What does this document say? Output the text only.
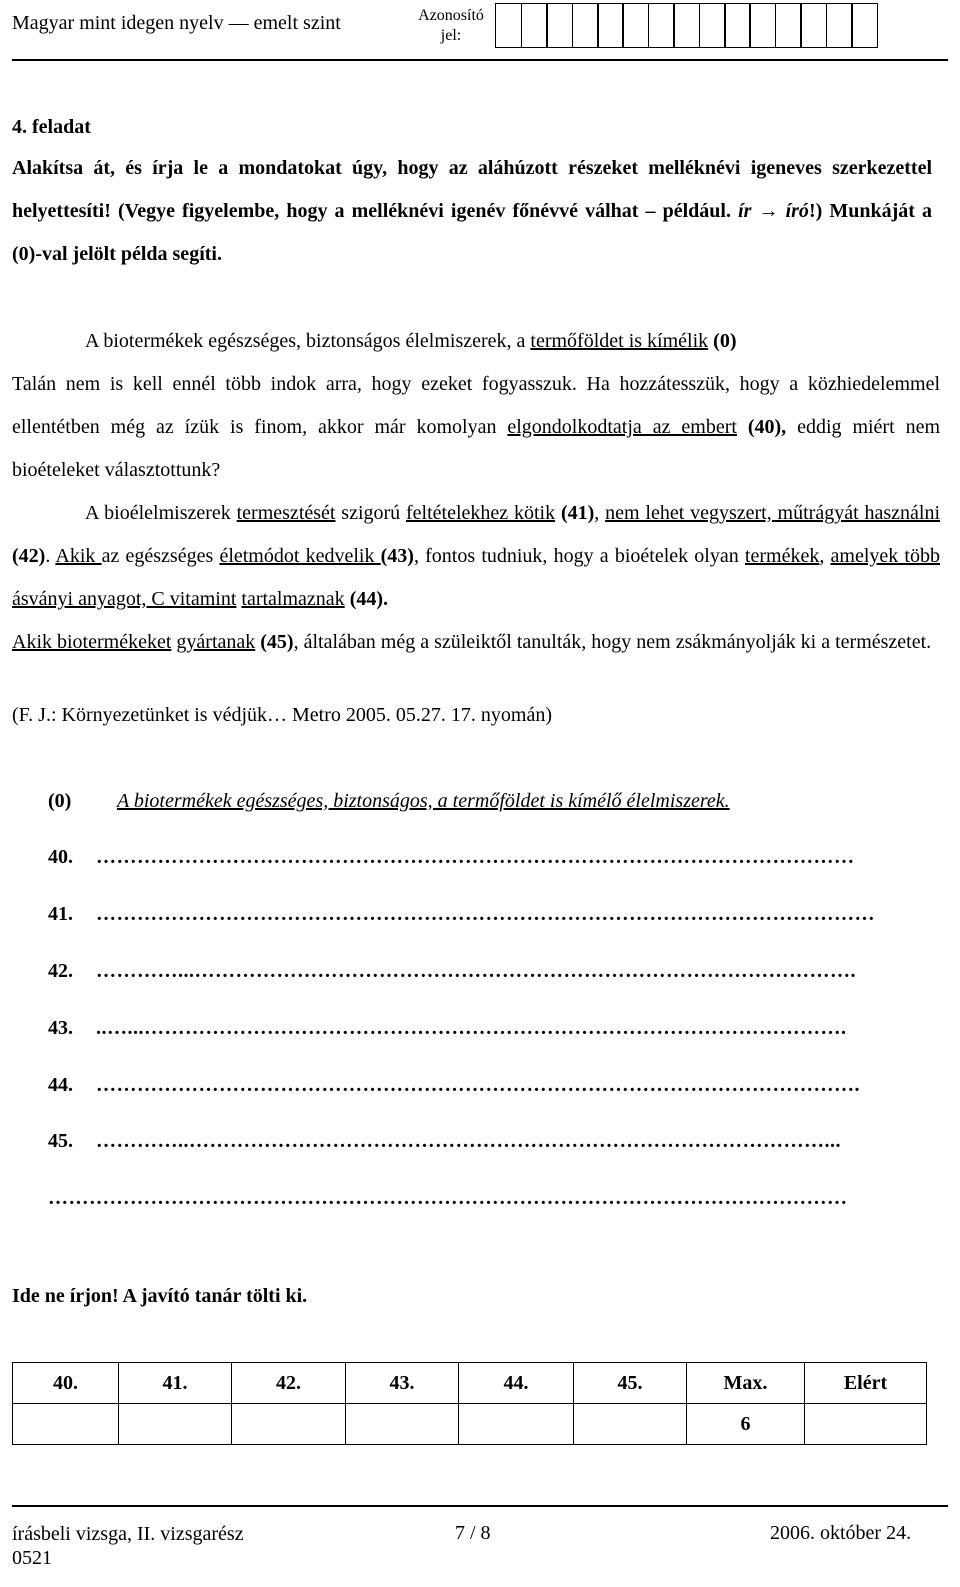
Magyar mint idegen nyelv — emelt szint	Azonosító
jel:
4. feladat
Alakítsa át, és írja le a mondatokat úgy, hogy az aláhúzott részeket melléknévi igeneves szerkezettel helyettesíti! (Vegye figyelembe, hogy a melléknévi igenév főnévvé válhat – például. ír → író!) Munkáját a (0)-val jelölt példa segíti.
A biotermékek egészséges, biztonságos élelmiszerek, a termőföldet is kímélik (0)
Talán nem is kell ennél több indok arra, hogy ezeket fogyasszuk. Ha hozzátesszük, hogy a közhiedelemmel ellentétben még az ízük is finom, akkor már komolyan elgondolkodtatja az embert (40), eddig miért nem bioételeket választottunk?
A bioélelmiszerek termesztését szigorú feltételekhez kötik (41), nem lehet vegyszert, műtrágyát használni (42). Akik az egészséges életmódot kedvelik (43), fontos tudniuk, hogy a bioételek olyan termékek, amelyek több ásványi anyagot, C vitamint tartalmaznak (44).
Akik biotermékeket gyártanak (45), általában még a szüleiktől tanulták, hogy nem zsákmányolják ki a természetet.
(F. J.: Környezetünket is védjük… Metro 2005. 05.27. 17. nyomán)
(0) A biotermékek egészséges, biztonságos, a termőföldet is kímélő élelmiszerek.
40. …………………………………………………………………………………………………
41. ……………………………………………………………………………………………………
42. …………...…………………………………………………………………………………….
43. ..…...………………………………………………………………………………………….
44. ………………………………………………………………………………………………….
45. …………..…………………………………………………………………………………...
………………………………………………………………………………………………………
Ide ne írjon! A javító tanár tölti ki.
40.	41.	42.	43.	44.	45.	Max.	Elért
						6	
írásbeli vizsga, II. vizsgarész
0521
7 / 8	2006. október 24.
